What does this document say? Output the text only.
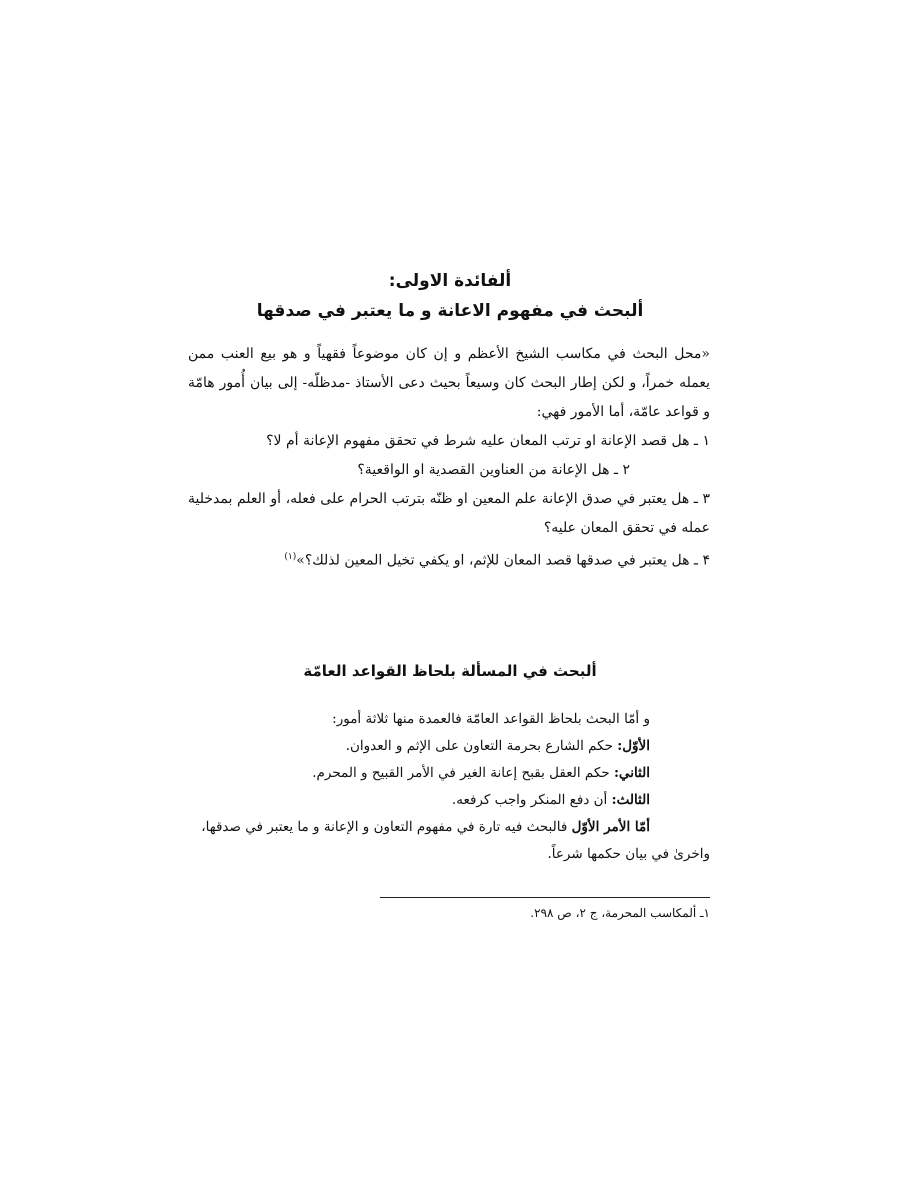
ألفائدة الاولى:
ألبحث في مفهوم الاعانة و ما يعتبر في صدقها

«محل البحث في مكاسب الشيخ الأعظم و إن كان موضوعاً فقهياً و هو بيع العنب ممن يعمله خمراً، و لكن إطار البحث كان وسيعاً بحيث دعى الأستاذ -مدظلّه- إلى بيان أُمور هامّة و قواعد عامّة، أما الأمور فهي:

١ ـ هل قصد الإعانة او ترتب المعان عليه شرط في تحقق مفهوم الإعانة أم لا؟

٢ ـ هل الإعانة من العناوين القصدية او الواقعية؟

٣ ـ هل يعتبر في صدق الإعانة علم المعين او ظنّه بترتب الحرام على فعله، أو العلم بمدخلية عمله في تحقق المعان عليه؟

۴ ـ هل يعتبر في صدقها قصد المعان للإثم، او يكفي تخيل المعين لذلك؟»$^{(١)}$

ألبحث في المسألة بلحاظ القواعد العامّة

و أمّا البحث بلحاظ القواعد العامّة فالعمدة منها ثلاثة أمور:

الأوّل: حكم الشارع بحرمة التعاون على الإثم و العدوان.

الثاني: حكم العقل بقبح إعانة الغير في الأمر القبيح و المحرم.

الثالث: أن دفع المنكر واجب كرفعه.

أمّا الأمر الأوّل فالبحث فيه تارة في مفهوم التعاون و الإعانة و ما يعتبر في صدقها، واخرىٰ في بيان حكمها شرعاً.

١ـ ألمكاسب المحرمة، ج ٢، ص ٢٩٨.
